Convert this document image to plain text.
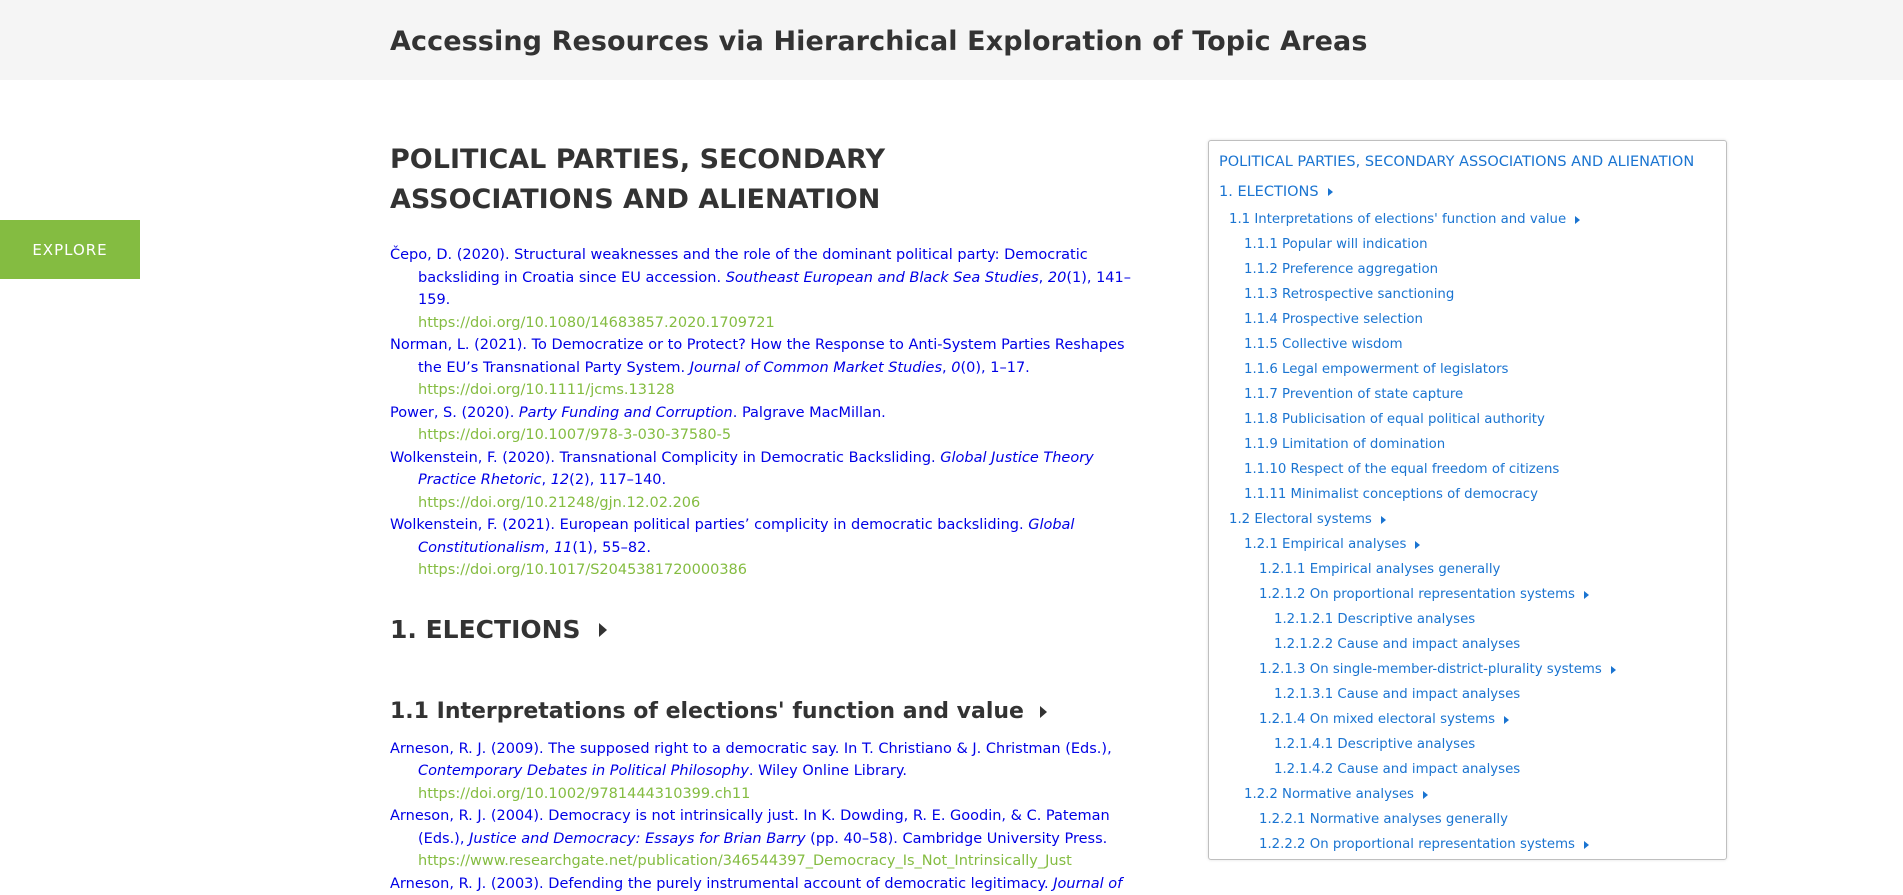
Accessing Resources via Hierarchical Exploration of Topic Areas
EXPLORE
POLITICAL PARTIES, SECONDARY ASSOCIATIONS AND ALIENATION
Čepo, D. (2020). Structural weaknesses and the role of the dominant political party: Democratic backsliding in Croatia since EU accession. Southeast European and Black Sea Studies, 20(1), 141–159.
https://doi.org/10.1080/14683857.2020.1709721
Norman, L. (2021). To Democratize or to Protect? How the Response to Anti-System Parties Reshapes the EU’s Transnational Party System. Journal of Common Market Studies, 0(0), 1–17.
https://doi.org/10.1111/jcms.13128
Power, S. (2020). Party Funding and Corruption. Palgrave MacMillan.
https://doi.org/10.1007/978-3-030-37580-5
Wolkenstein, F. (2020). Transnational Complicity in Democratic Backsliding. Global Justice Theory Practice Rhetoric, 12(2), 117–140.
https://doi.org/10.21248/gjn.12.02.206
Wolkenstein, F. (2021). European political parties’ complicity in democratic backsliding. Global Constitutionalism, 11(1), 55–82.
https://doi.org/10.1017/S2045381720000386
1. ELECTIONS
1.1 Interpretations of elections' function and value
Arneson, R. J. (2009). The supposed right to a democratic say. In T. Christiano & J. Christman (Eds.), Contemporary Debates in Political Philosophy. Wiley Online Library.
https://doi.org/10.1002/9781444310399.ch11
Arneson, R. J. (2004). Democracy is not intrinsically just. In K. Dowding, R. E. Goodin, & C. Pateman (Eds.), Justice and Democracy: Essays for Brian Barry (pp. 40–58). Cambridge University Press.
https://www.researchgate.net/publication/346544397_Democracy_Is_Not_Intrinsically_Just
Arneson, R. J. (2003). Defending the purely instrumental account of democratic legitimacy. Journal of
POLITICAL PARTIES, SECONDARY ASSOCIATIONS AND ALIENATION
1. ELECTIONS
1.1 Interpretations of elections' function and value
1.1.1 Popular will indication
1.1.2 Preference aggregation
1.1.3 Retrospective sanctioning
1.1.4 Prospective selection
1.1.5 Collective wisdom
1.1.6 Legal empowerment of legislators
1.1.7 Prevention of state capture
1.1.8 Publicisation of equal political authority
1.1.9 Limitation of domination
1.1.10 Respect of the equal freedom of citizens
1.1.11 Minimalist conceptions of democracy
1.2 Electoral systems
1.2.1 Empirical analyses
1.2.1.1 Empirical analyses generally
1.2.1.2 On proportional representation systems
1.2.1.2.1 Descriptive analyses
1.2.1.2.2 Cause and impact analyses
1.2.1.3 On single-member-district-plurality systems
1.2.1.3.1 Cause and impact analyses
1.2.1.4 On mixed electoral systems
1.2.1.4.1 Descriptive analyses
1.2.1.4.2 Cause and impact analyses
1.2.2 Normative analyses
1.2.2.1 Normative analyses generally
1.2.2.2 On proportional representation systems
